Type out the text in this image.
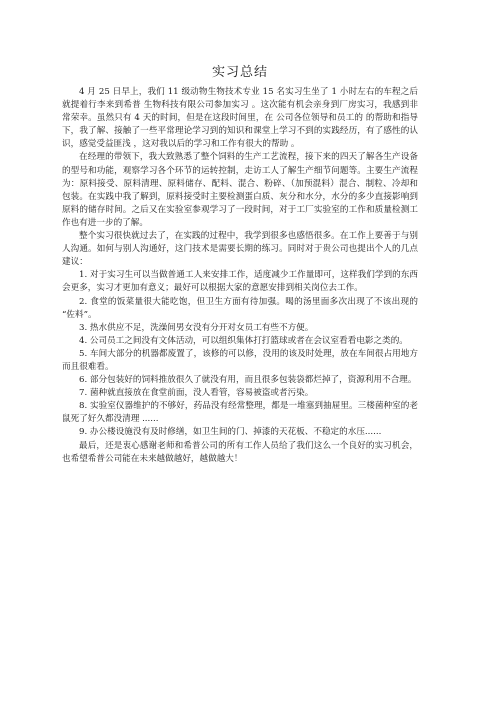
实习总结

4 月 25 日早上，我们 11 级动物生物技术专业 15 名实习生坐了 1 小时左右的车程之后就提着行李来到希普 生物科技有限公司参加实习 。这次能有机会亲身到厂房实习，我感到非常荣幸。虽然只有 4 天的时间，但是在这段时间里，在 公司各位领导和员工的 的帮助和指导下，我了解、接触了一些平常理论学习到的知识和课堂上学习不到的实践经历，有了感性的认识，感觉受益匪浅 ，这对我以后的学习和工作有很大的帮助 。

在经理的带领下，我大致熟悉了整个饲料的生产工艺流程，接下来的四天了解各生产设备的型号和功能，观察学习各个环节的运转控制，走访工人了解生产细节问题等。主要生产流程为：原料接受、原料清理、原料储存、配料、混合、粉碎、（加预混料）混合、制粒、冷却和包装。在实践中我了解到，原料接受时主要检测蛋白质、灰分和水分，水分的多少直接影响到原料的储存时间。之后又在实验室参观学习了一段时间，对于工厂实验室的工作和质量检测工作也有进一步的了解。

整个实习很快就过去了，在实践的过程中，我学到很多也感悟很多。在工作上要善于与别人沟通。如何与别人沟通好，这门技术是需要长期的练习。同时对于贵公司也提出个人的几点建议：

1. 对于实习生可以当做普通工人来安排工作，适度减少工作量即可，这样我们学到的东西会更多，实习才更加有意义；最好可以根据大家的意愿安排到相关岗位去工作。

2. 食堂的饭菜量很大能吃饱，但卫生方面有待加强。喝的汤里面多次出现了不该出现的 “佐料”。

3. 热水供应不足，洗澡间男女没有分开对女员工有些不方便。

4. 公司员工之间没有文体活动，可以组织集体打打篮球或者在会议室看看电影之类的。

5. 车间大部分的机器都废置了，该修的可以修，没用的该及时处理，放在车间很占用地方而且很难看。

6. 部分包装好的饲料推放很久了就没有用，而且很多包装袋都烂掉了，资源利用不合理。

7. 菌种就直接放在食堂前面，没人看管，容易被盗或者污染。

8. 实验室仪器维护的不够好，药品没有经常整理，都是一堆塞到抽屉里。三楼菌种室的老鼠死了好久都没清理 ......

9. 办公楼设施没有及时修缮，如卫生间的门、掉漆的天花板、不稳定的水压......

最后，还是衷心感谢老师和希普公司的所有工作人员给了我们这么一个良好的实习机会，也希望希普公司能在未来越做越好，越做越大！
